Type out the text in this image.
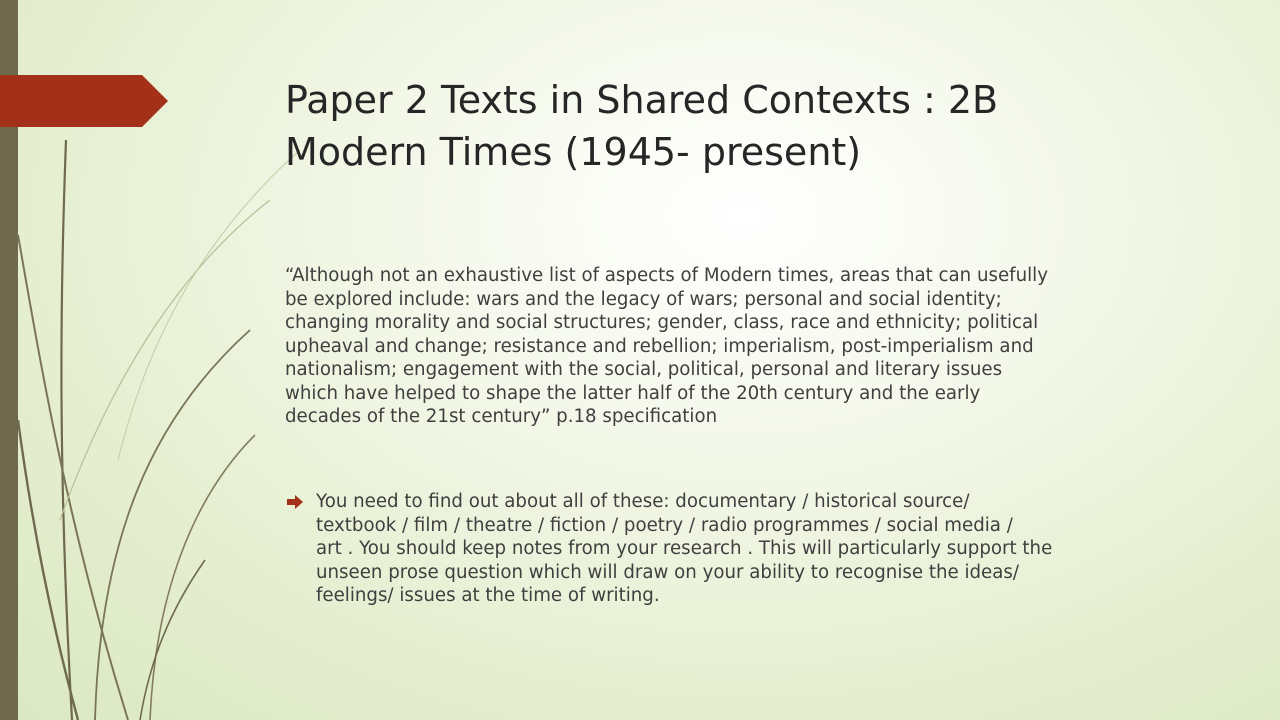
Paper 2 Texts in Shared Contexts : 2B
Modern Times (1945- present)
“Although not an exhaustive list of aspects of Modern times, areas that can usefully
be explored include: wars and the legacy of wars; personal and social identity;
changing morality and social structures; gender, class, race and ethnicity; political
upheaval and change; resistance and rebellion; imperialism, post-imperialism and
nationalism; engagement with the social, political, personal and literary issues
which have helped to shape the latter half of the 20th century and the early
decades of the 21st century” p.18 specification
You need to find out about all of these: documentary / historical source/
textbook / film / theatre / fiction / poetry / radio programmes / social media /
art . You should keep notes from your research . This will particularly support the
unseen prose question which will draw on your ability to recognise the ideas/
feelings/ issues at the time of writing.
